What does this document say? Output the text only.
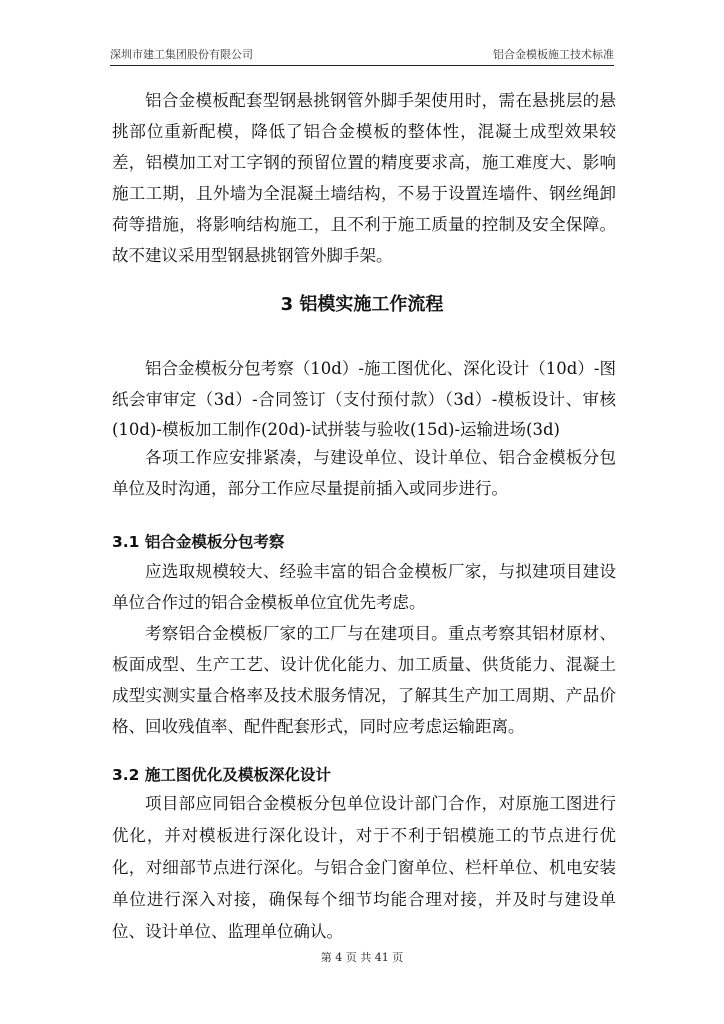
深圳市建工集团股份有限公司	铝合金模板施工技术标准

铝合金模板配套型钢悬挑钢管外脚手架使用时，需在悬挑层的悬挑部位重新配模，降低了铝合金模板的整体性，混凝土成型效果较差，铝模加工对工字钢的预留位置的精度要求高，施工难度大、影响施工工期，且外墙为全混凝土墙结构，不易于设置连墙件、钢丝绳卸荷等措施，将影响结构施工，且不利于施工质量的控制及安全保障。故不建议采用型钢悬挑钢管外脚手架。

3 铝模实施工作流程

铝合金模板分包考察（10d）-施工图优化、深化设计（10d）-图纸会审审定（3d）-合同签订（支付预付款）（3d）-模板设计、审核(10d)-模板加工制作(20d)-试拼装与验收(15d)-运输进场(3d)

各项工作应安排紧凑，与建设单位、设计单位、铝合金模板分包单位及时沟通，部分工作应尽量提前插入或同步进行。

3.1 铝合金模板分包考察

应选取规模较大、经验丰富的铝合金模板厂家，与拟建项目建设单位合作过的铝合金模板单位宜优先考虑。

考察铝合金模板厂家的工厂与在建项目。重点考察其铝材原材、板面成型、生产工艺、设计优化能力、加工质量、供货能力、混凝土成型实测实量合格率及技术服务情况，了解其生产加工周期、产品价格、回收残值率、配件配套形式，同时应考虑运输距离。

3.2 施工图优化及模板深化设计

项目部应同铝合金模板分包单位设计部门合作，对原施工图进行优化，并对模板进行深化设计，对于不利于铝模施工的节点进行优化，对细部节点进行深化。与铝合金门窗单位、栏杆单位、机电安装单位进行深入对接，确保每个细节均能合理对接，并及时与建设单位、设计单位、监理单位确认。

第 4 页 共 41 页
